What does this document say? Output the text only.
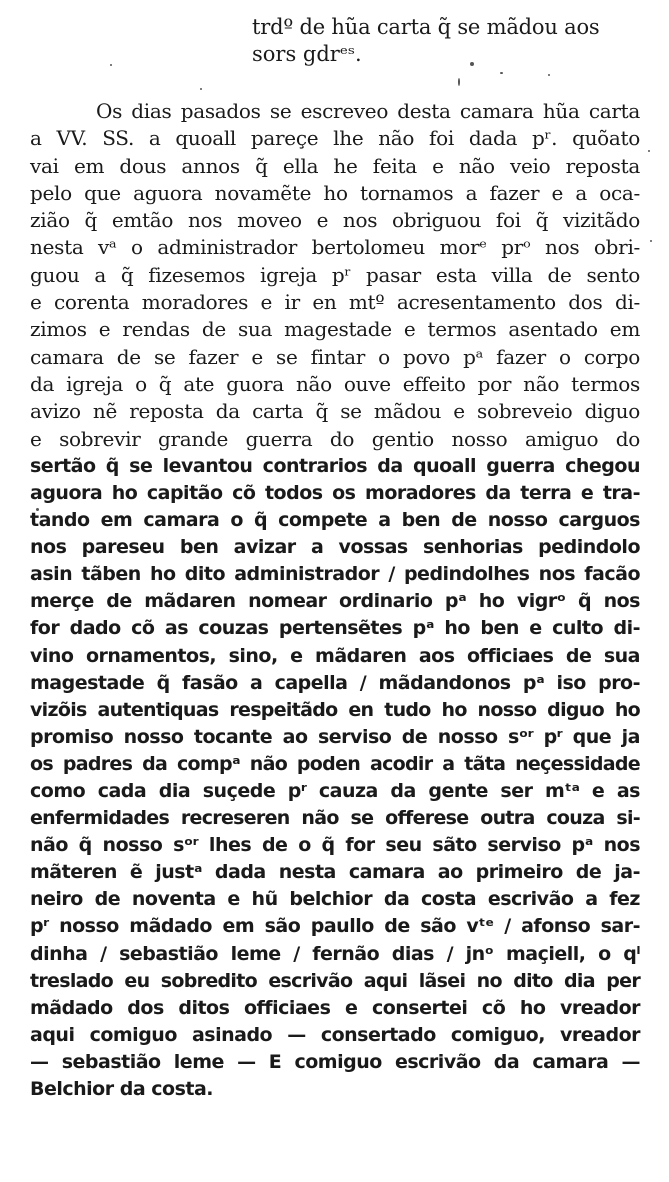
trdº de hũa carta q̃ se mãdou aos
sors gdrᵉˢ.
Os dias pasados se escreveo desta camara hũa carta
a VV. SS. a quoall pareçe lhe não foi dada pʳ. quõato
vai em dous annos q̃ ella he feita e não veio reposta
pelo que aguora novamẽte ho tornamos a fazer e a oca-
zião q̃ emtão nos moveo e nos obriguou foi q̃ vizitãdo
nesta vᵃ o administrador bertolomeu morᵉ prᵒ nos obri-
guou a q̃ fizesemos igreja pʳ pasar esta villa de sento
e corenta moradores e ir en mtº acresentamento dos di-
zimos e rendas de sua magestade e termos asentado em
camara de se fazer e se fintar o povo pᵃ fazer o corpo
da igreja o q̃ ate guora não ouve effeito por não termos
avizo nẽ reposta da carta q̃ se mãdou e sobreveio diguo
e sobrevir grande guerra do gentio nosso amiguo do
sertão q̃ se levantou contrarios da quoall guerra chegou
aguora ho capitão cõ todos os moradores da terra e tra-
tando em camara o q̃ compete a ben de nosso carguos
nos pareseu ben avizar a vossas senhorias pedindolo
asin tãben ho dito administrador / pedindolhes nos facão
merçe de mãdaren nomear ordinario pᵃ ho vigrᵒ q̃ nos
for dado cõ as couzas pertensẽtes pᵃ ho ben e culto di-
vino ornamentos, sino, e mãdaren aos officiaes de sua
magestade q̃ fasão a capella / mãdandonos pᵃ iso pro-
vizõis autentiquas respeitãdo en tudo ho nosso diguo ho
promiso nosso tocante ao serviso de nosso sᵒʳ pʳ que ja
os padres da compᵃ não poden acodir a tãta neçessidade
como cada dia suçede pʳ cauza da gente ser mᵗᵃ e as
enfermidades recreseren não se offerese outra couza si-
não q̃ nosso sᵒʳ lhes de o q̃ for seu sãto serviso pᵃ nos
mãteren ẽ justᵃ dada nesta camara ao primeiro de ja-
neiro de noventa e hũ belchior da costa escrivão a fez
pʳ nosso mãdado em são paullo de são vᵗᵉ / afonso sar-
dinha / sebastião leme / fernão dias / jnᵒ maçiell, o qˡ
treslado eu sobredito escrivão aqui lãsei no dito dia per
mãdado dos ditos officiaes e consertei cõ ho vreador
aqui comiguo asinado — consertado comiguo, vreador
— sebastião leme — E comiguo escrivão da camara —
Belchior da costa.
